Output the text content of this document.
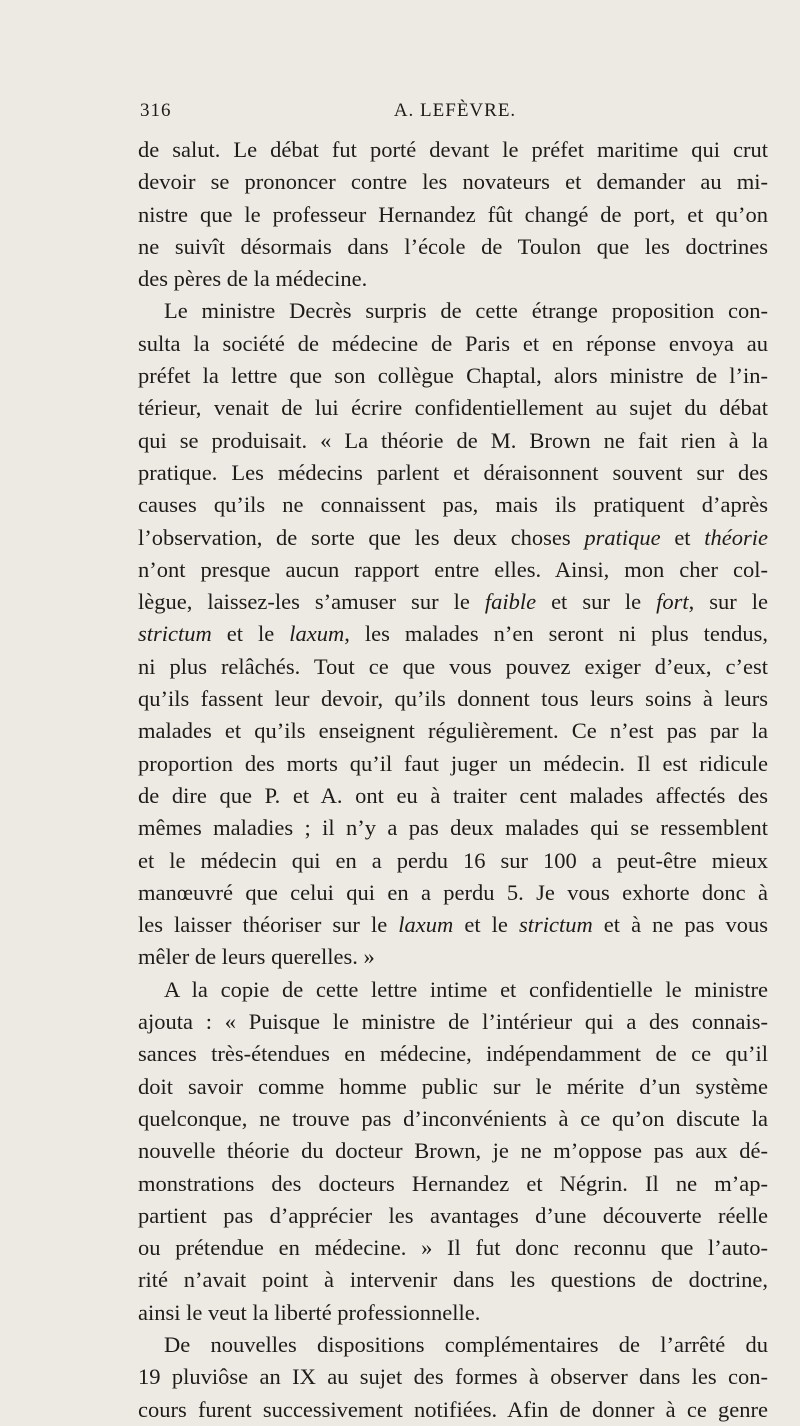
316	A. LEFÈVRE.
de salut. Le débat fut porté devant le préfet maritime qui crut
devoir se prononcer contre les novateurs et demander au mi-
nistre que le professeur Hernandez fût changé de port, et qu’on
ne suivît désormais dans l’école de Toulon que les doctrines
des pères de la médecine.
Le ministre Decrès surpris de cette étrange proposition con-
sulta la société de médecine de Paris et en réponse envoya au
préfet la lettre que son collègue Chaptal, alors ministre de l’in-
térieur, venait de lui écrire confidentiellement au sujet du débat
qui se produisait. « La théorie de M. Brown ne fait rien à la
pratique. Les médecins parlent et déraisonnent souvent sur des
causes qu’ils ne connaissent pas, mais ils pratiquent d’après
l’observation, de sorte que les deux choses pratique et théorie
n’ont presque aucun rapport entre elles. Ainsi, mon cher col-
lègue, laissez-les s’amuser sur le faible et sur le fort, sur le
strictum et le laxum, les malades n’en seront ni plus tendus,
ni plus relâchés. Tout ce que vous pouvez exiger d’eux, c’est
qu’ils fassent leur devoir, qu’ils donnent tous leurs soins à leurs
malades et qu’ils enseignent régulièrement. Ce n’est pas par la
proportion des morts qu’il faut juger un médecin. Il est ridicule
de dire que P. et A. ont eu à traiter cent malades affectés des
mêmes maladies ; il n’y a pas deux malades qui se ressemblent
et le médecin qui en a perdu 16 sur 100 a peut-être mieux
manœuvré que celui qui en a perdu 5. Je vous exhorte donc à
les laisser théoriser sur le laxum et le strictum et à ne pas vous
mêler de leurs querelles. »
A la copie de cette lettre intime et confidentielle le ministre
ajouta : « Puisque le ministre de l’intérieur qui a des connais-
sances très-étendues en médecine, indépendamment de ce qu’il
doit savoir comme homme public sur le mérite d’un système
quelconque, ne trouve pas d’inconvénients à ce qu’on discute la
nouvelle théorie du docteur Brown, je ne m’oppose pas aux dé-
monstrations des docteurs Hernandez et Négrin. Il ne m’ap-
partient pas d’apprécier les avantages d’une découverte réelle
ou prétendue en médecine. » Il fut donc reconnu que l’auto-
rité n’avait point à intervenir dans les questions de doctrine,
ainsi le veut la liberté professionnelle.
De nouvelles dispositions complémentaires de l’arrêté du
19 pluviôse an IX au sujet des formes à observer dans les con-
cours furent successivement notifiées. Afin de donner à ce genre
